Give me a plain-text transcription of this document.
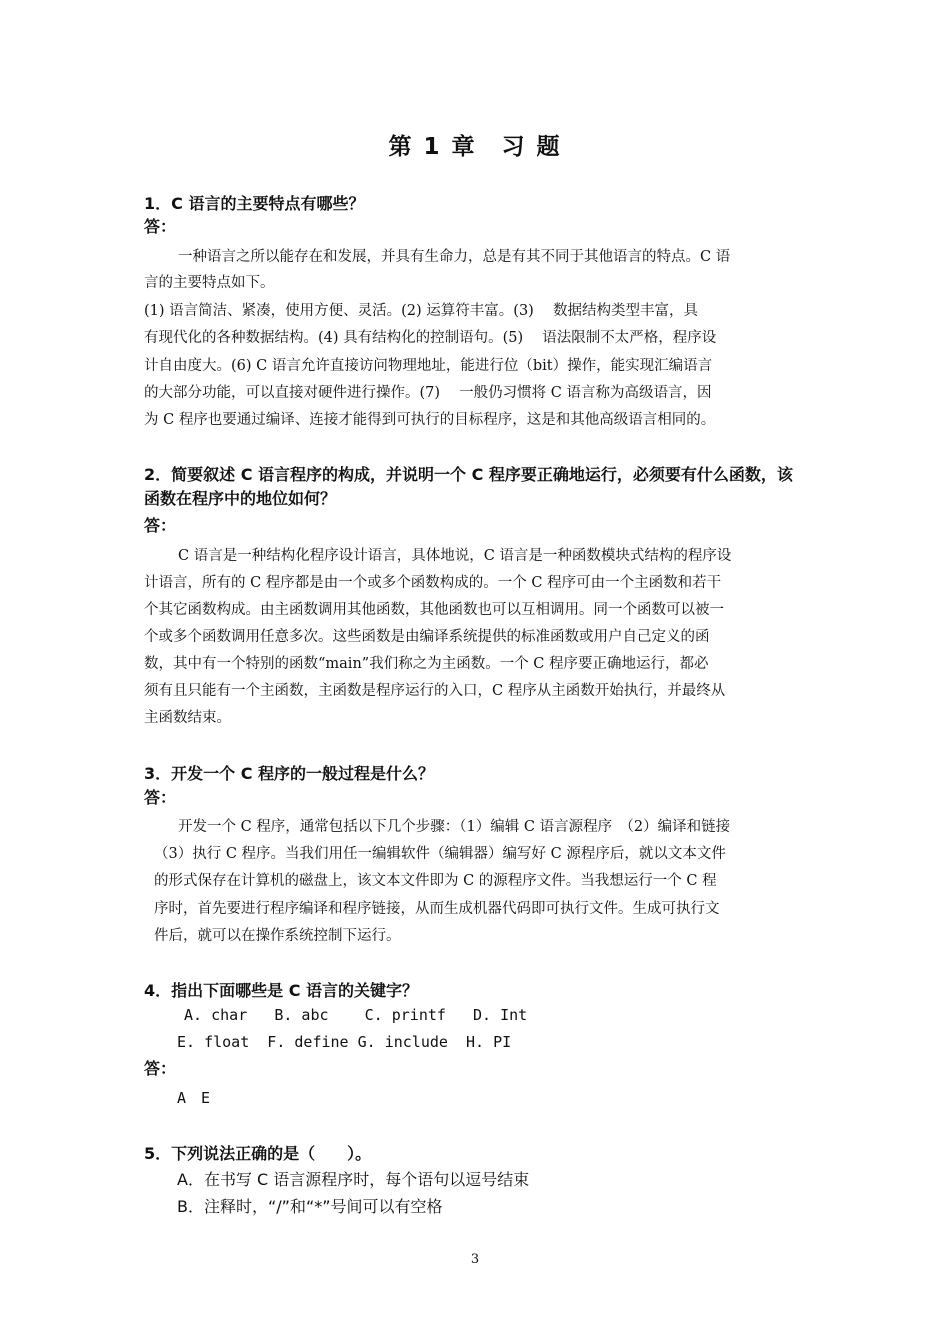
第 1 章　习 题
1．C 语言的主要特点有哪些？
答：
一种语言之所以能存在和发展，并具有生命力，总是有其不同于其他语言的特点。C 语
言的主要特点如下。
(1) 语言简洁、紧凑，使用方便、灵活。(2) 运算符丰富。(3)　 数据结构类型丰富，具
有现代化的各种数据结构。(4) 具有结构化的控制语句。(5)　 语法限制不太严格，程序设
计自由度大。(6) C 语言允许直接访问物理地址，能进行位（bit）操作，能实现汇编语言
的大部分功能，可以直接对硬件进行操作。(7)　 一般仍习惯将 C 语言称为高级语言，因
为 C 程序也要通过编译、连接才能得到可执行的目标程序，这是和其他高级语言相同的。
2．简要叙述 C 语言程序的构成，并说明一个 C 程序要正确地运行，必须要有什么函数，该
函数在程序中的地位如何？
答：
C 语言是一种结构化程序设计语言，具体地说，C 语言是一种函数模块式结构的程序设
计语言，所有的 C 程序都是由一个或多个函数构成的。一个 C 程序可由一个主函数和若干
个其它函数构成。由主函数调用其他函数，其他函数也可以互相调用。同一个函数可以被一
个或多个函数调用任意多次。这些函数是由编译系统提供的标准函数或用户自己定义的函
数，其中有一个特别的函数“main”我们称之为主函数。一个 C 程序要正确地运行，都必
须有且只能有一个主函数，主函数是程序运行的入口，C 程序从主函数开始执行，并最终从
主函数结束。
3．开发一个 C 程序的一般过程是什么？
答：
开发一个 C 程序，通常包括以下几个步骤：（1）编辑 C 语言源程序　（2）编译和链接
（3）执行 C 程序。当我们用任一编辑软件（编辑器）编写好 C 源程序后，就以文本文件
的形式保存在计算机的磁盘上，该文本文件即为 C 的源程序文件。当我想运行一个 C 程
序时，首先要进行程序编译和程序链接，从而生成机器代码即可执行文件。生成可执行文
件后，就可以在操作系统控制下运行。
4．指出下面哪些是 C 语言的关键字？
A. char   B. abc    C. printf   D. Int
E. float  F. define G. include  H. PI
答：
A　E
5．下列说法正确的是（　　）。
A．在书写 C 语言源程序时，每个语句以逗号结束
B．注释时，“/”和“*”号间可以有空格
3
